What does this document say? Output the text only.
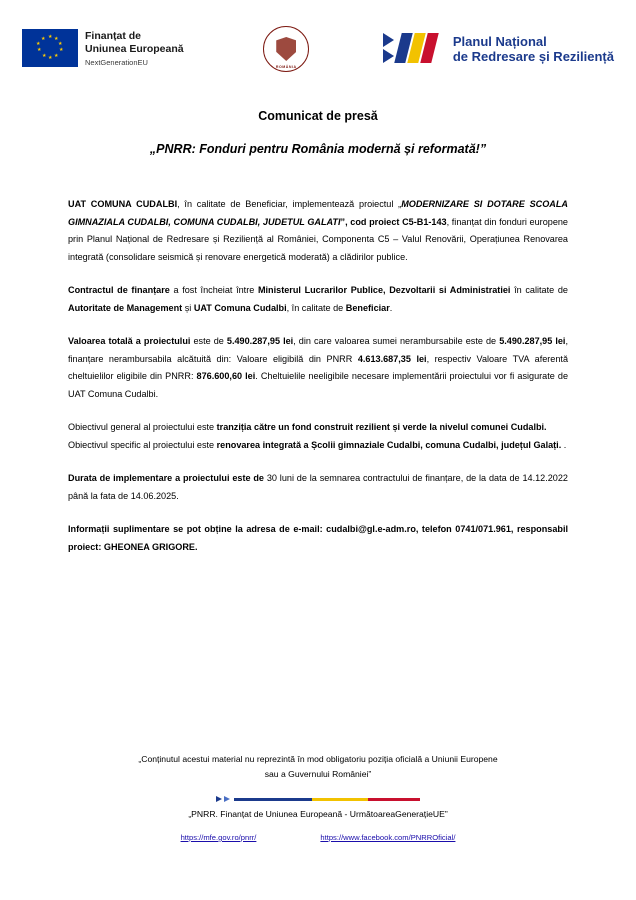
★ ★
★
★
★
★
★
★
★
★	Finanțat de
Uniunea Europeană
NextGenerationEU	ROMÂNIA
Planul Național
de Redresare și Reziliență
Comunicat de presă
„PNRR: Fonduri pentru România modernă și reformată!”

UAT COMUNA CUDALBI, în calitate de Beneficiar, implementează proiectul „MODERNIZARE SI DOTARE SCOALA GIMNAZIALA CUDALBI, COMUNA CUDALBI, JUDETUL GALATI”, cod proiect C5-B1-143, finanțat din fonduri europene prin Planul Național de Redresare și Reziliență al României, Componenta C5 – Valul Renovării, Operațiunea Renovarea integrată (consolidare seismică și renovare energetică moderată) a clădirilor publice.

Contractul de finanțare a fost încheiat între Ministerul Lucrarilor Publice, Dezvoltarii si Administratiei în calitate de Autoritate de Management și UAT Comuna Cudalbi, în calitate de Beneficiar.

Valoarea totală a proiectului este de 5.490.287,95 lei, din care valoarea sumei nerambursabile este de 5.490.287,95 lei, finanțare nerambursabila alcătuită din: Valoare eligibilă din PNRR 4.613.687,35 lei, respectiv Valoare TVA aferentă cheltuielilor eligibile din PNRR: 876.600,60 lei. Cheltuielile neeligibile necesare implementării proiectului vor fi asigurate de UAT Comuna Cudalbi.

Obiectivul general al proiectului este tranziția către un fond construit rezilient și verde la nivelul comunei Cudalbi.

Obiectivul specific al proiectului este renovarea integrată a Școlii gimnaziale Cudalbi, comuna Cudalbi, județul Galați. .

Durata de implementare a proiectului este de 30 luni de la semnarea contractului de finanțare, de la data de 14.12.2022 până la fata de 14.06.2025.

Informații suplimentare se pot obține la adresa de e-mail: cudalbi@gl.e-adm.ro, telefon 0741/071.961, responsabil proiect: GHEONEA GRIGORE.

„Conținutul acestui material nu reprezintă în mod obligatoriu poziția oficială a Uniunii Europene
sau a Guvernului României”
„PNRR. Finanțat de Uniunea Europeană - UrmătoareaGenerațieUE”
https://mfe.gov.ro/pnrr/	https://www.facebook.com/PNRROficial/
